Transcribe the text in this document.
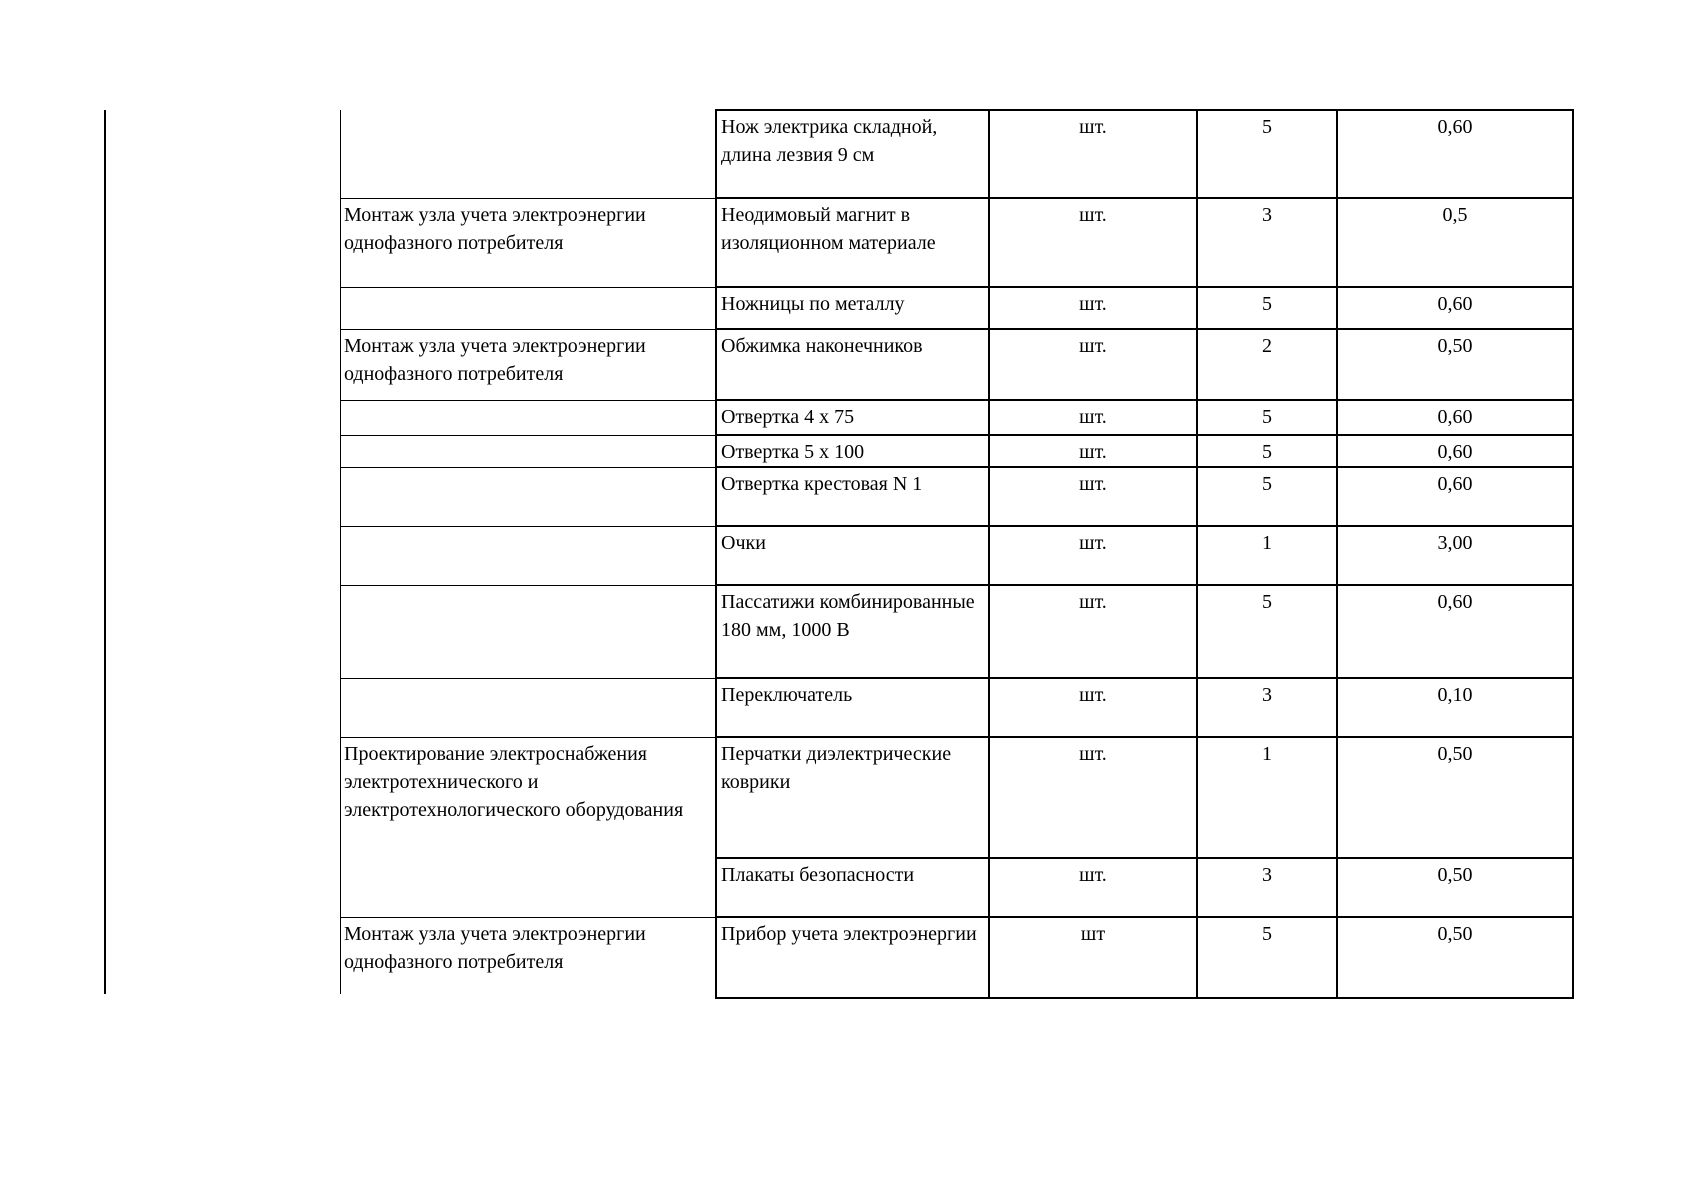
	Нож электрика складной, длина лезвия 9 см	шт.	5	0,60
Монтаж узла учета электроэнергии однофазного потребителя	Неодимовый магнит в изоляционном материале	шт.	3	0,5
	Ножницы по металлу	шт.	5	0,60
Монтаж узла учета электроэнергии однофазного потребителя	Обжимка наконечников	шт.	2	0,50
	Отвертка 4 х 75	шт.	5	0,60
	Отвертка 5 х 100	шт.	5	0,60
	Отвертка крестовая N 1	шт.	5	0,60
	Очки	шт.	1	3,00
	Пассатижи комбинированные 180 мм, 1000 В	шт.	5	0,60
	Переключатель	шт.	3	0,10
Проектирование электроснабжения электротехнического и электротехнологического оборудования	Перчатки диэлектрические коврики	шт.	1	0,50
	Плакаты безопасности	шт.	3	0,50
Монтаж узла учета электроэнергии однофазного потребителя	Прибор учета электроэнергии	шт	5	0,50
